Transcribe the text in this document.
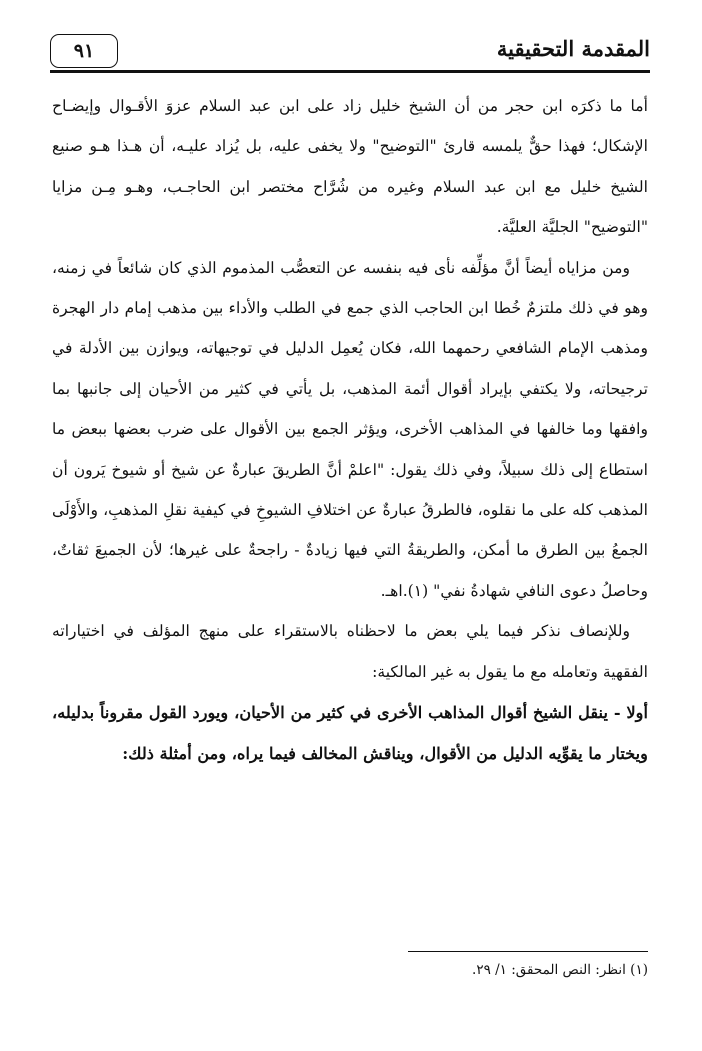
المقدمة التحقيقية
٩١

أما ما ذكرَه ابن حجر من أن الشيخ خليل زاد على ابن عبد السلام عزوَ الأقـوال وإيضـاح الإشكال؛ فهذا حقٌّ يلمسه قارئ "التوضيح" ولا يخفى عليه، بل يُزاد عليـه، أن هـذا هـو صنيع الشيخ خليل مع ابن عبد السلام وغيره من شُرَّاح مختصر ابن الحاجـب، وهـو مِـن مزايا "التوضيح" الجليَّة العليَّة.

ومن مزاياه أيضاً أنَّ مؤلِّفه نأى فيه بنفسه عن التعصُّب المذموم الذي كان شائعاً في زمنه، وهو في ذلك ملتزمٌ خُطا ابن الحاجب الذي جمع في الطلب والأداء بين مذهب إمام دار الهجرة ومذهب الإمام الشافعي رحمهما الله، فكان يُعمِل الدليل في توجيهاته، ويوازن بين الأدلة في ترجيحاته، ولا يكتفي بإيراد أقوال أئمة المذهب، بل يأتي في كثير من الأحيان إلى جانبها بما وافقها وما خالفها في المذاهب الأخرى، ويؤثر الجمع بين الأقوال على ضرب بعضها ببعض ما استطاع إلى ذلك سبيلاً، وفي ذلك يقول: "اعلمْ أنَّ الطريقَ عبارةٌ عن شيخ أو شيوخ يَرون أن المذهب كله على ما نقلوه، فالطرقُ عبارةٌ عن اختلافِ الشيوخِ في كيفية نقلِ المذهبِ، والأَوْلَى الجمعُ بين الطرق ما أمكن، والطريقةُ التي فيها زيادةٌ - راجحةٌ على غيرها؛ لأن الجميعَ ثقاتٌ، وحاصلُ دعوى النافي شهادةُ نفي" (١).اهـ.

وللإنصاف نذكر فيما يلي بعض ما لاحظناه بالاستقراء على منهج المؤلف في اختياراته الفقهية وتعامله مع ما يقول به غير المالكية:

أولا - ينقل الشيخ أقوال المذاهب الأخرى في كثير من الأحيان، ويورد القول مقروناً بدليله، ويختار ما يقوِّيه الدليل من الأقوال، ويناقش المخالف فيما يراه، ومن أمثلة ذلك:

(١) انظر: النص المحقق: ١/ ٢٩.
